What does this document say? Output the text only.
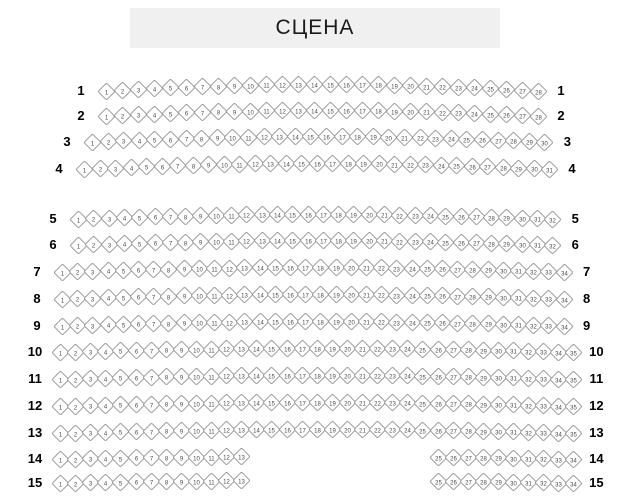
СЦЕНА
1	1
1	2	3	4	5	6	7	8	9	10	11	12	13	14	15	16	17	18	19	20	21	22	23	24	25	26	27	28
2	2
1	2	3	4	5	6	7	8	9	10	11	12	13	14	15	16	17	18	19	20	21	22	23	24	25	26	27	28
3	3
1	2	3	4	5	6	7	8	9	10	11	12	13	14	15	16	17	18	19	20	21	22	23	24	25	26	27	28	29	30
4	4
1	2	3	4	5	6	7	8	9	10	11	12	13	14	15	16	17	18	19	20	21	22	23	24	25	26	27	28	29	30	31
5	5
1	2	3	4	5	6	7	8	9	10	11	12	13	14	15	16	17	18	19	20	21	22	23	24	25	26	27	28	29	30	31	32
6	6
1	2	3	4	5	6	7	8	9	10	11	12	13	14	15	16	17	18	19	20	21	22	23	24	25	26	27	28	29	30	31	32
7	7
1	2	3	4	5	6	7	8	9	10	11	12	13	14	15	16	17	18	19	20	21	22	23	24	25	26	27	28	29	30	31	32	33	34
8	8
1	2	3	4	5	6	7	8	9	10	11	12	13	14	15	16	17	18	19	20	21	22	23	24	25	26	27	28	29	30	31	32	33	34
9	9
1	2	3	4	5	6	7	8	9	10	11	12	13	14	15	16	17	18	19	20	21	22	23	24	25	26	27	28	29	30	31	32	33	34
10	10
1	2	3	4	5	6	7	8	9	10	11	12	13	14	15	16	17	18	19	20	21	22	23	24	25	26	27	28	29	30	31	32	33	34	35
11	11
1	2	3	4	5	6	7	8	9	10	11	12	13	14	15	16	17	18	19	20	21	22	23	24	25	26	27	28	29	30	31	32	33	34	35
12	12
1	2	3	4	5	6	7	8	9	10	11	12	13	14	15	16	17	18	19	20	21	22	23	24	25	26	27	28	29	30	31	32	33	34	35
13	13
1	2	3	4	5	6	7	8	9	10	11	12	13	14	15	16	17	18	19	20	21	22	23	24	25	26	27	28	29	30	31	32	33	34	35
14	14
1	2	3	4	5	6	7	8	9	10	11	12	13	25	26	27	28	29	30	31	32	33	34
15	15
1	2	3	4	5	6	7	8	9	10	11	12	13	25	26	27	28	29	30	31	32	33	34
